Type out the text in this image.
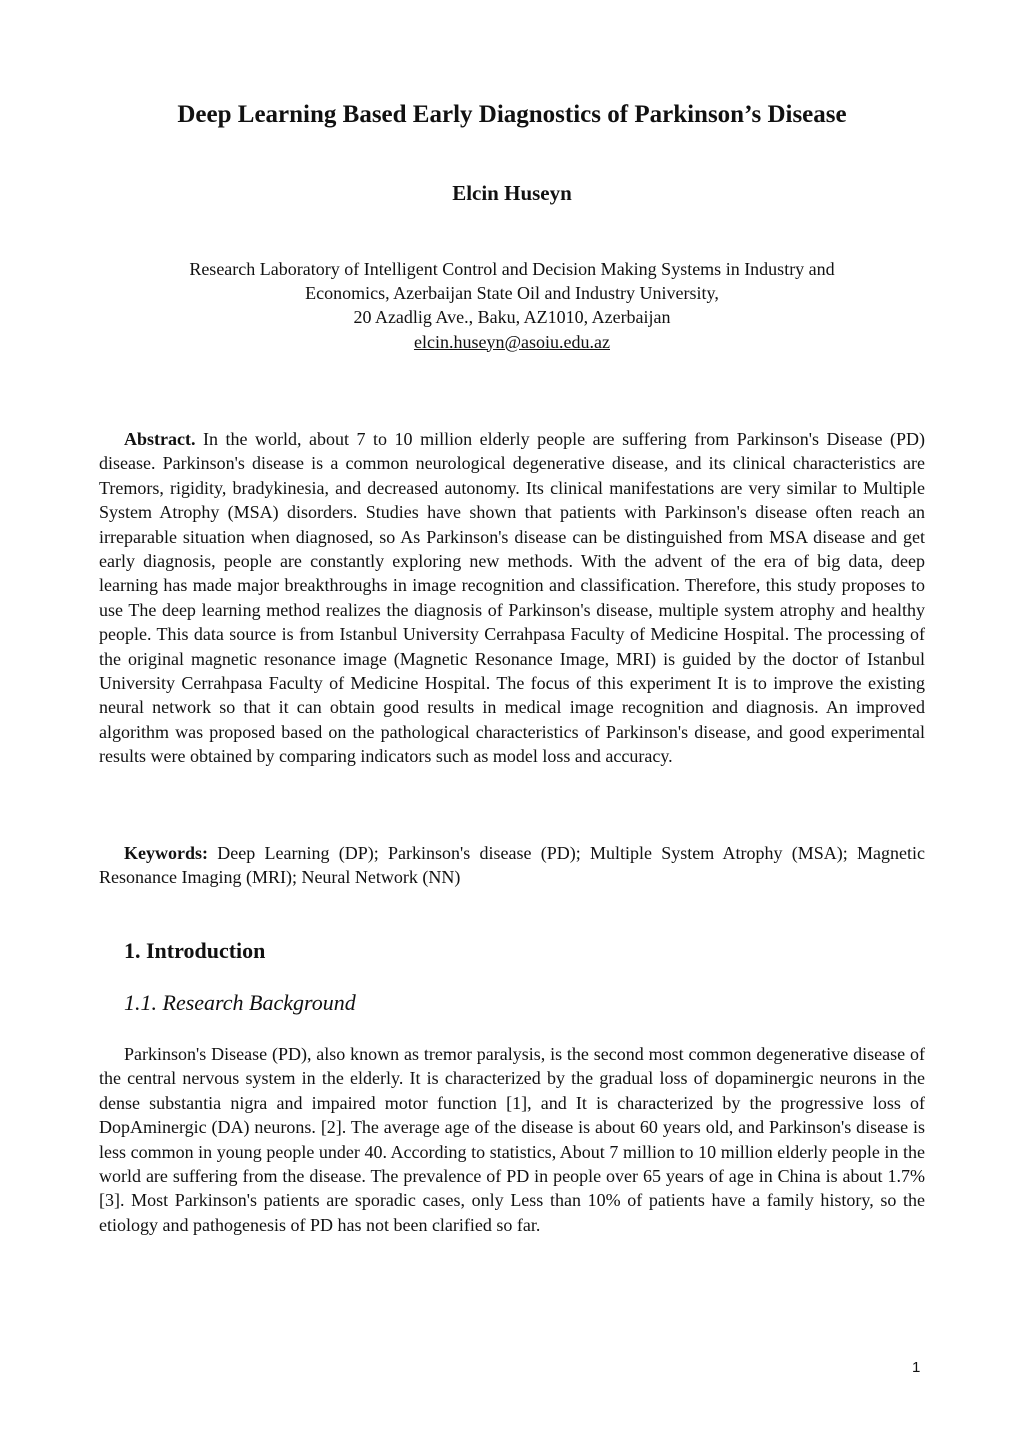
Deep Learning Based Early Diagnostics of Parkinson’s Disease
Elcin Huseyn
Research Laboratory of Intelligent Control and Decision Making Systems in Industry and
Economics, Azerbaijan State Oil and Industry University,
20 Azadlig Ave., Baku, AZ1010, Azerbaijan
elcin.huseyn@asoiu.edu.az

Abstract. In the world, about 7 to 10 million elderly people are suffering from Parkinson's Disease (PD) disease. Parkinson's disease is a common neurological degenerative disease, and its clinical characteristics are Tremors, rigidity, bradykinesia, and decreased autonomy. Its clinical manifestations are very similar to Multiple System Atrophy (MSA) disorders. Studies have shown that patients with Parkinson's disease often reach an irreparable situation when diagnosed, so As Parkinson's disease can be distinguished from MSA disease and get early diagnosis, people are constantly exploring new methods. With the advent of the era of big data, deep learning has made major breakthroughs in image recognition and classification. Therefore, this study proposes to use The deep learning method realizes the diagnosis of Parkinson's disease, multiple system atrophy and healthy people. This data source is from Istanbul University Cerrahpasa Faculty of Medicine Hospital. The processing of the original magnetic resonance image (Magnetic Resonance Image, MRI) is guided by the doctor of Istanbul University Cerrahpasa Faculty of Medicine Hospital. The focus of this experiment It is to improve the existing neural network so that it can obtain good results in medical image recognition and diagnosis. An improved algorithm was proposed based on the pathological characteristics of Parkinson's disease, and good experimental results were obtained by comparing indicators such as model loss and accuracy.

Keywords: Deep Learning (DP); Parkinson's disease (PD); Multiple System Atrophy (MSA); Magnetic Resonance Imaging (MRI); Neural Network (NN)

1. Introduction
1.1. Research Background

Parkinson's Disease (PD), also known as tremor paralysis, is the second most common degenerative disease of the central nervous system in the elderly. It is characterized by the gradual loss of dopaminergic neurons in the dense substantia nigra and impaired motor function [1], and It is characterized by the progressive loss of DopAminergic (DA) neurons. [2]. The average age of the disease is about 60 years old, and Parkinson's disease is less common in young people under 40. According to statistics, About 7 million to 10 million elderly people in the world are suffering from the disease. The prevalence of PD in people over 65 years of age in China is about 1.7% [3]. Most Parkinson's patients are sporadic cases, only Less than 10% of patients have a family history, so the etiology and pathogenesis of PD has not been clarified so far.

1
